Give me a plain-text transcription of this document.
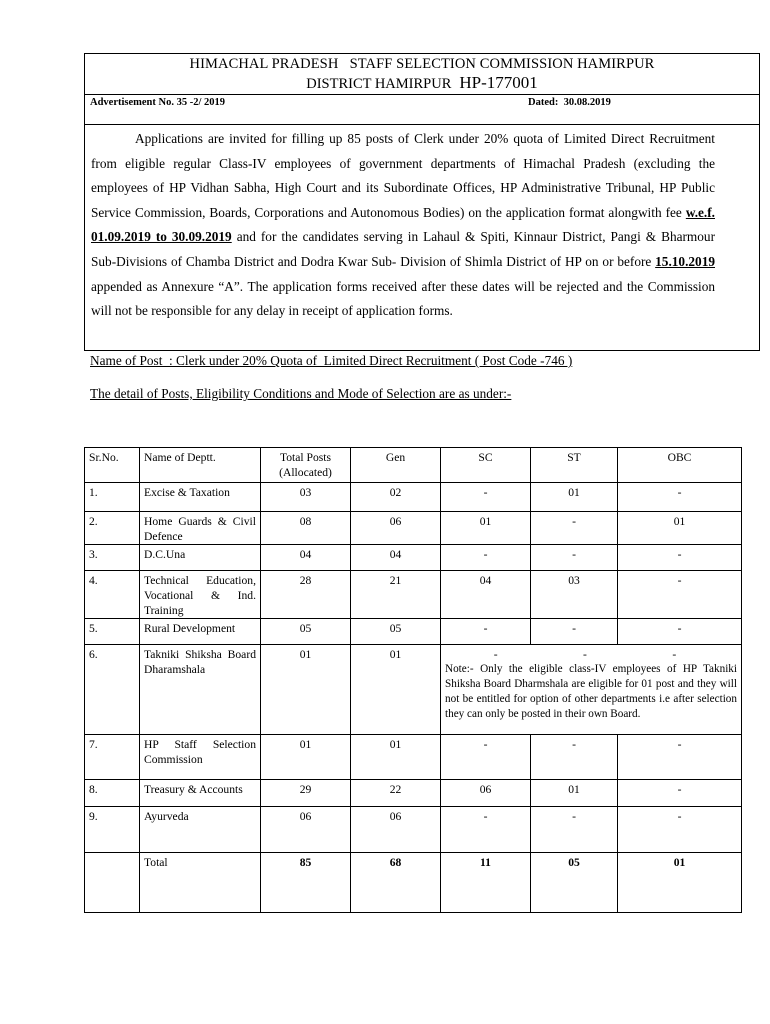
HIMACHAL PRADESH   STAFF SELECTION COMMISSION HAMIRPUR
DISTRICT HAMIRPUR HP-177001
Advertisement No. 35 -2/ 2019	Dated:  30.08.2019
Applications are invited for filling up 85 posts of Clerk under 20% quota of Limited Direct Recruitment from eligible regular Class-IV employees of government departments of Himachal Pradesh (excluding the employees of HP Vidhan Sabha, High Court and its Subordinate Offices, HP Administrative Tribunal, HP Public Service Commission, Boards, Corporations and Autonomous Bodies) on the application format alongwith fee w.e.f. 01.09.2019 to 30.09.2019 and for the candidates serving in Lahaul & Spiti, Kinnaur District, Pangi & Bharmour Sub-Divisions of Chamba District and Dodra Kwar Sub- Division of Shimla District of HP on or before 15.10.2019 appended as Annexure “A”. The application forms received after these dates will be rejected and the Commission will not be responsible for any delay in receipt of application forms.
Name of Post  : Clerk under 20% Quota of  Limited Direct Recruitment ( Post Code -746 )
The detail of Posts, Eligibility Conditions and Mode of Selection are as under:-
Sr.No.	Name of Deptt.	Total Posts (Allocated)	Gen	SC	ST	OBC
1.	Excise & Taxation	03	02	-	01	-
2.	Home Guards & Civil Defence	08	06	01	-	01
3.	D.C.Una	04	04	-	-	-
4.	Technical Education, Vocational & Ind. Training	28	21	04	03	-
5.	Rural Development	05	05	-	-	-
6.	Takniki Shiksha Board Dharamshala	01	01	- - -
Note:- Only the eligible class-IV employees of HP Takniki Shiksha Board Dharmshala are eligible for 01 post and they will not be entitled for option of other departments i.e after selection they can only be posted in their own Board.		

7.	HP Staff Selection Commission	01	01	-	-	-
8.	Treasury & Accounts	29	22	06	01	-
9.	Ayurveda	06	06	-	-	-
	Total	85	68	11	05	01
